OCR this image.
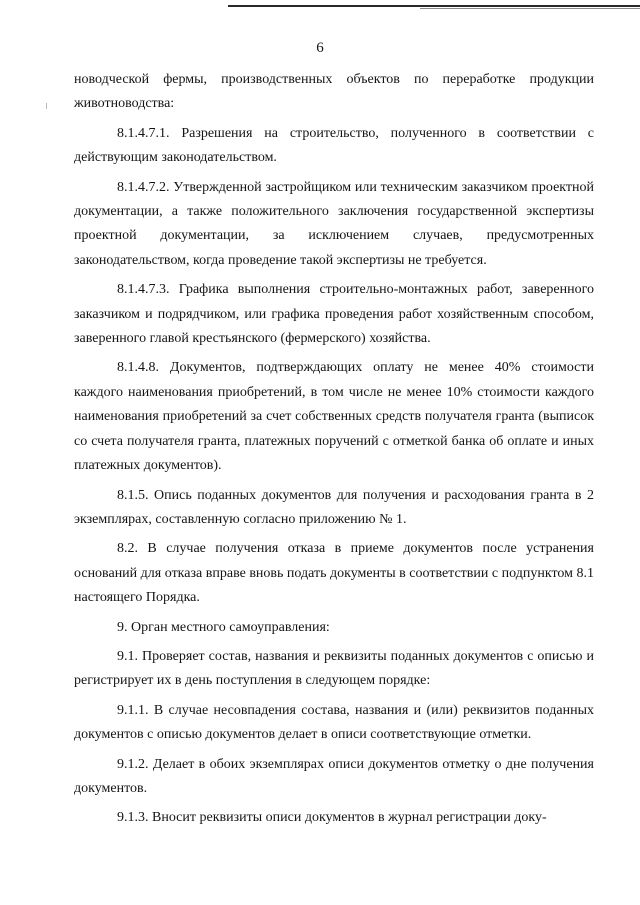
6

новодческой фермы, производственных объектов по переработке продукции животноводства:

8.1.4.7.1. Разрешения на строительство, полученного в соответствии с действующим законодательством.

8.1.4.7.2. Утвержденной застройщиком или техническим заказчиком проектной документации, а также положительного заключения государственной экспертизы проектной документации, за исключением случаев, предусмотренных законодательством, когда проведение такой экспертизы не требуется.

8.1.4.7.3. Графика выполнения строительно-монтажных работ, заверенного заказчиком и подрядчиком, или графика проведения работ хозяйственным способом, заверенного главой крестьянского (фермерского) хозяйства.

8.1.4.8. Документов, подтверждающих оплату не менее 40% стоимости каждого наименования приобретений, в том числе не менее 10% стоимости каждого наименования приобретений за счет собственных средств получателя гранта (выписок со счета получателя гранта, платежных поручений с отметкой банка об оплате и иных платежных документов).

8.1.5. Опись поданных документов для получения и расходования гранта в 2 экземплярах, составленную согласно приложению № 1.

8.2. В случае получения отказа в приеме документов после устранения оснований для отказа вправе вновь подать документы в соответствии с подпунктом 8.1 настоящего Порядка.

9. Орган местного самоуправления:

9.1. Проверяет состав, названия и реквизиты поданных документов с описью и регистрирует их в день поступления в следующем порядке:

9.1.1. В случае несовпадения состава, названия и (или) реквизитов поданных документов с описью документов делает в описи соответствующие отметки.

9.1.2. Делает в обоих экземплярах описи документов отметку о дне получения документов.

9.1.3. Вносит реквизиты описи документов в журнал регистрации доку-
